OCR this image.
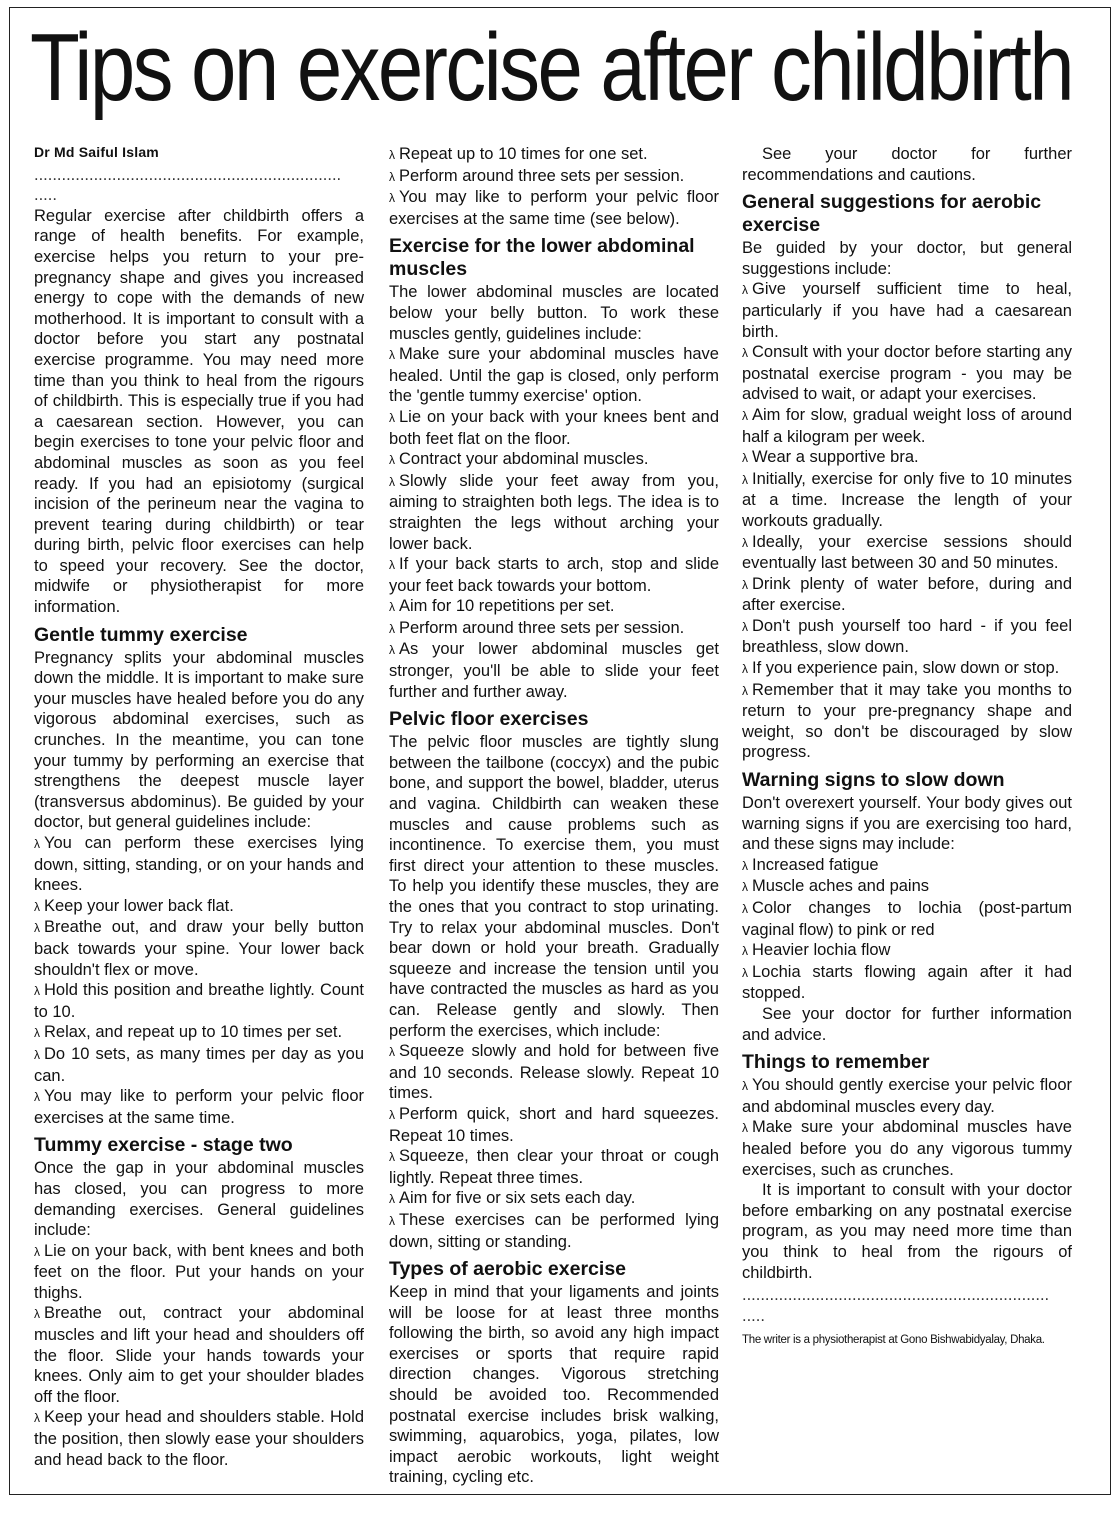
Tips on exercise after childbirth

Dr Md Saiful Islam

...................................................................

.....

Regular exercise after childbirth offers a range of health benefits. For example, exercise helps you return to your pre-pregnancy shape and gives you increased energy to cope with the demands of new motherhood. It is important to consult with a doctor before you start any postnatal exercise programme. You may need more time than you think to heal from the rigours of childbirth. This is especially true if you had a caesarean section. However, you can begin exercises to tone your pelvic floor and abdominal muscles as soon as you feel ready. If you had an episiotomy (surgical incision of the perineum near the vagina to prevent tearing during childbirth) or tear during birth, pelvic floor exercises can help to speed your recovery. See the doctor, midwife or physiotherapist for more information.

Gentle tummy exercise

Pregnancy splits your abdominal muscles down the middle. It is important to make sure your muscles have healed before you do any vigorous abdominal exercises, such as crunches. In the meantime, you can tone your tummy by performing an exercise that strengthens the deepest muscle layer (transversus abdominus). Be guided by your doctor, but general guidelines include:

λ You can perform these exercises lying down, sitting, standing, or on your hands and knees.

λ Keep your lower back flat.

λ Breathe out, and draw your belly button back towards your spine. Your lower back shouldn't flex or move.

λ Hold this position and breathe lightly. Count to 10.

λ Relax, and repeat up to 10 times per set.

λ Do 10 sets, as many times per day as you can.

λ You may like to perform your pelvic floor exercises at the same time.

Tummy exercise - stage two

Once the gap in your abdominal muscles has closed, you can progress to more demanding exercises. General guidelines include:

λ Lie on your back, with bent knees and both feet on the floor. Put your hands on your thighs.

λ Breathe out, contract your abdominal muscles and lift your head and shoulders off the floor. Slide your hands towards your knees. Only aim to get your shoulder blades off the floor.

λ Keep your head and shoulders stable. Hold the position, then slowly ease your shoulders and head back to the floor.

λ Repeat up to 10 times for one set.

λ Perform around three sets per session.

λ You may like to perform your pelvic floor exercises at the same time (see below).

Exercise for the lower abdominal muscles

The lower abdominal muscles are located below your belly button. To work these muscles gently, guidelines include:

λ Make sure your abdominal muscles have healed. Until the gap is closed, only perform the 'gentle tummy exercise' option.

λ Lie on your back with your knees bent and both feet flat on the floor.

λ Contract your abdominal muscles.

λ Slowly slide your feet away from you, aiming to straighten both legs. The idea is to straighten the legs without arching your lower back.

λ If your back starts to arch, stop and slide your feet back towards your bottom.

λ Aim for 10 repetitions per set.

λ Perform around three sets per session.

λ As your lower abdominal muscles get stronger, you'll be able to slide your feet further and further away.

Pelvic floor exercises

The pelvic floor muscles are tightly slung between the tailbone (coccyx) and the pubic bone, and support the bowel, bladder, uterus and vagina. Childbirth can weaken these muscles and cause problems such as incontinence. To exercise them, you must first direct your attention to these muscles. To help you identify these muscles, they are the ones that you contract to stop urinating. Try to relax your abdominal muscles. Don't bear down or hold your breath. Gradually squeeze and increase the tension until you have contracted the muscles as hard as you can. Release gently and slowly. Then perform the exercises, which include:

λ Squeeze slowly and hold for between five and 10 seconds. Release slowly. Repeat 10 times.

λ Perform quick, short and hard squeezes. Repeat 10 times.

λ Squeeze, then clear your throat or cough lightly. Repeat three times.

λ Aim for five or six sets each day.

λ These exercises can be performed lying down, sitting or standing.

Types of aerobic exercise

Keep in mind that your ligaments and joints will be loose for at least three months following the birth, so avoid any high impact exercises or sports that require rapid direction changes. Vigorous stretching should be avoided too. Recommended postnatal exercise includes brisk walking, swimming, aquarobics, yoga, pilates, low impact aerobic workouts, light weight training, cycling etc.

See your doctor for further recommendations and cautions.

General suggestions for aerobic exercise

Be guided by your doctor, but general suggestions include:

λ Give yourself sufficient time to heal, particularly if you have had a caesarean birth.

λ Consult with your doctor before starting any postnatal exercise program - you may be advised to wait, or adapt your exercises.

λ Aim for slow, gradual weight loss of around half a kilogram per week.

λ Wear a supportive bra.

λ Initially, exercise for only five to 10 minutes at a time. Increase the length of your workouts gradually.

λ Ideally, your exercise sessions should eventually last between 30 and 50 minutes.

λ Drink plenty of water before, during and after exercise.

λ Don't push yourself too hard - if you feel breathless, slow down.

λ If you experience pain, slow down or stop.

λ Remember that it may take you months to return to your pre-pregnancy shape and weight, so don't be discouraged by slow progress.

Warning signs to slow down

Don't overexert yourself. Your body gives out warning signs if you are exercising too hard, and these signs may include:

λ Increased fatigue

λ Muscle aches and pains

λ Color changes to lochia (post-partum vaginal flow) to pink or red

λ Heavier lochia flow

λ Lochia starts flowing again after it had stopped.

See your doctor for further information and advice.

Things to remember

λ You should gently exercise your pelvic floor and abdominal muscles every day.

λ Make sure your abdominal muscles have healed before you do any vigorous tummy exercises, such as crunches.

It is important to consult with your doctor before embarking on any postnatal exercise program, as you may need more time than you think to heal from the rigours of childbirth.

...................................................................

.....

The writer is a physiotherapist at Gono Bishwabidyalay, Dhaka.
